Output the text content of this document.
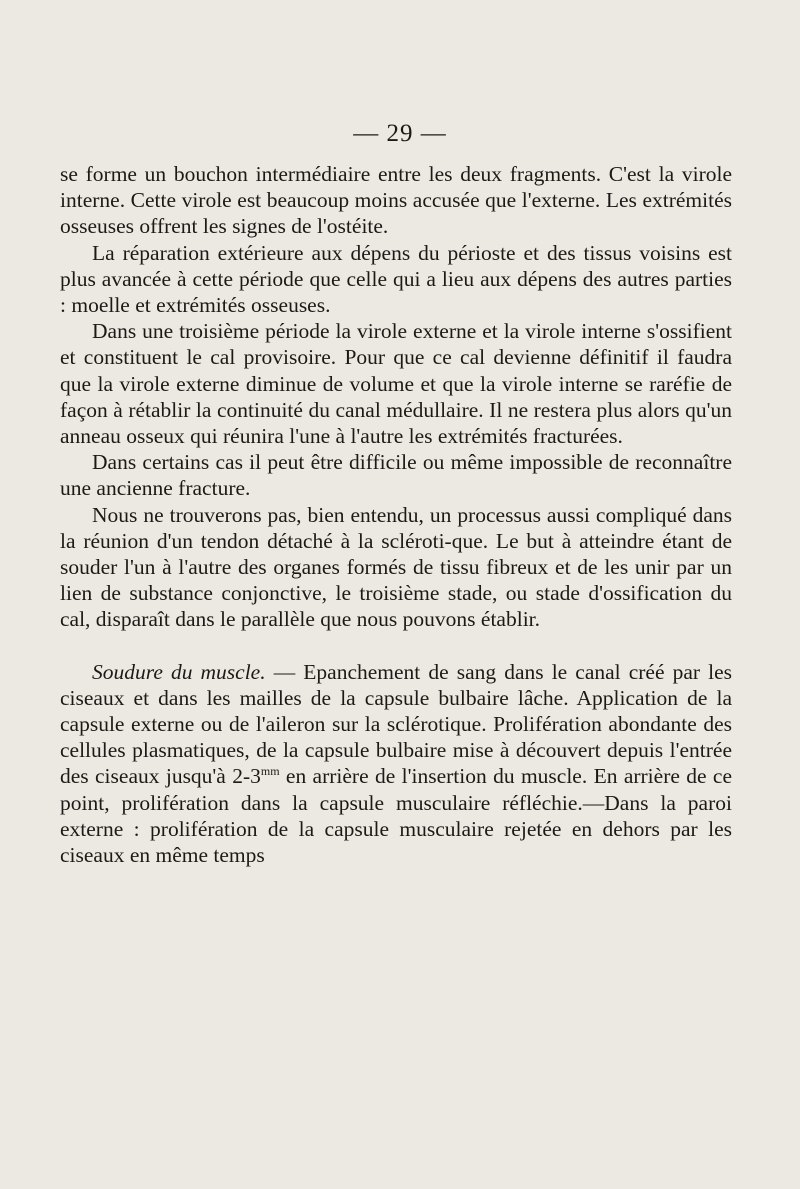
— 29 —

se forme un bouchon intermédiaire entre les deux fragments. C'est la virole interne. Cette virole est beaucoup moins accusée que l'externe. Les extrémités osseuses offrent les signes de l'ostéite.

La réparation extérieure aux dépens du périoste et des tissus voisins est plus avancée à cette période que celle qui a lieu aux dépens des autres parties : moelle et extrémités osseuses.

Dans une troisième période la virole externe et la virole interne s'ossifient et constituent le cal provisoire. Pour que ce cal devienne définitif il faudra que la virole externe diminue de volume et que la virole interne se raréfie de façon à rétablir la continuité du canal médullaire. Il ne restera plus alors qu'un anneau osseux qui réunira l'une à l'autre les extrémités fracturées.

Dans certains cas il peut être difficile ou même impossible de reconnaître une ancienne fracture.

Nous ne trouverons pas, bien entendu, un processus aussi compliqué dans la réunion d'un tendon détaché à la scléroti-que. Le but à atteindre étant de souder l'un à l'autre des organes formés de tissu fibreux et de les unir par un lien de substance conjonctive, le troisième stade, ou stade d'ossification du cal, disparaît dans le parallèle que nous pouvons établir.

Soudure du muscle. — Epanchement de sang dans le canal créé par les ciseaux et dans les mailles de la capsule bulbaire lâche. Application de la capsule externe ou de l'aileron sur la sclérotique. Prolifération abondante des cellules plasmatiques, de la capsule bulbaire mise à découvert depuis l'entrée des ciseaux jusqu'à $2-3^{mm}$ en arrière de l'insertion du muscle. En arrière de ce point, prolifération dans la capsule musculaire réfléchie.—Dans la paroi externe : prolifération de la capsule musculaire rejetée en dehors par les ciseaux en même temps
